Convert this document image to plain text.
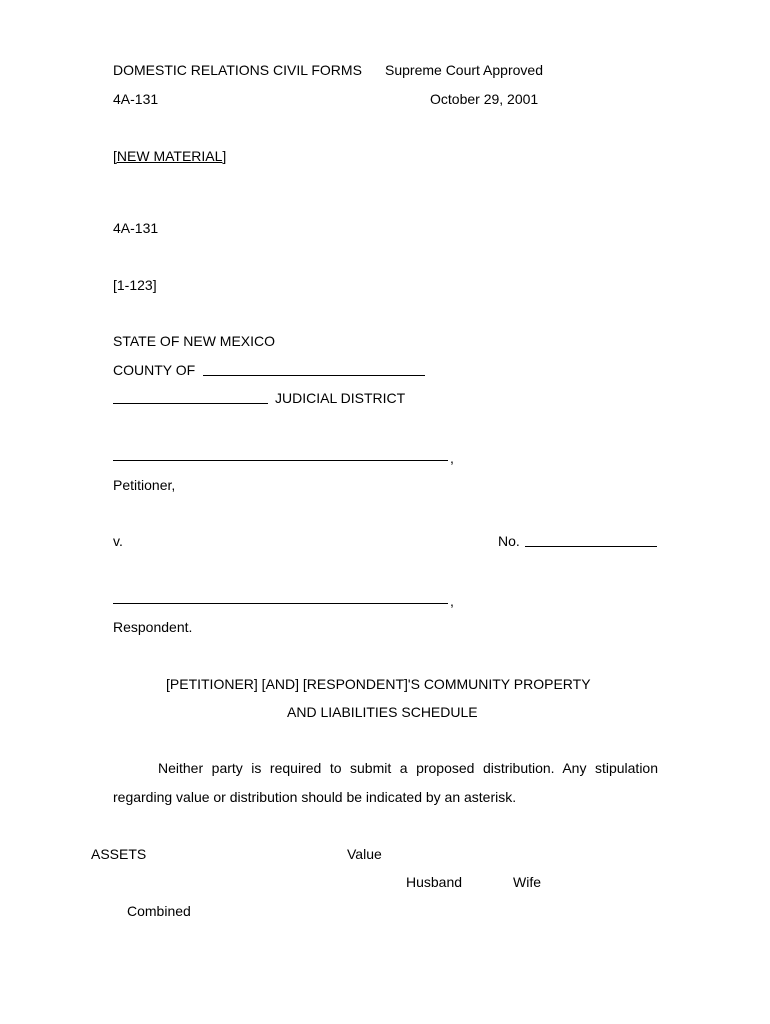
DOMESTIC RELATIONS CIVIL FORMS Supreme Court Approved
4A-131	October 29, 2001
[NEW MATERIAL]
4A-131
[1-123]
STATE OF NEW MEXICO
COUNTY OF
JUDICIAL DISTRICT
,
Petitioner,
v.	No.
,
Respondent.
[PETITIONER] [AND] [RESPONDENT]'S COMMUNITY PROPERTY
AND LIABILITIES SCHEDULE
Neither party is required to submit a proposed distribution. Any stipulation regarding value or distribution should be indicated by an asterisk.
ASSETS	Value
Husband	Wife
Combined
